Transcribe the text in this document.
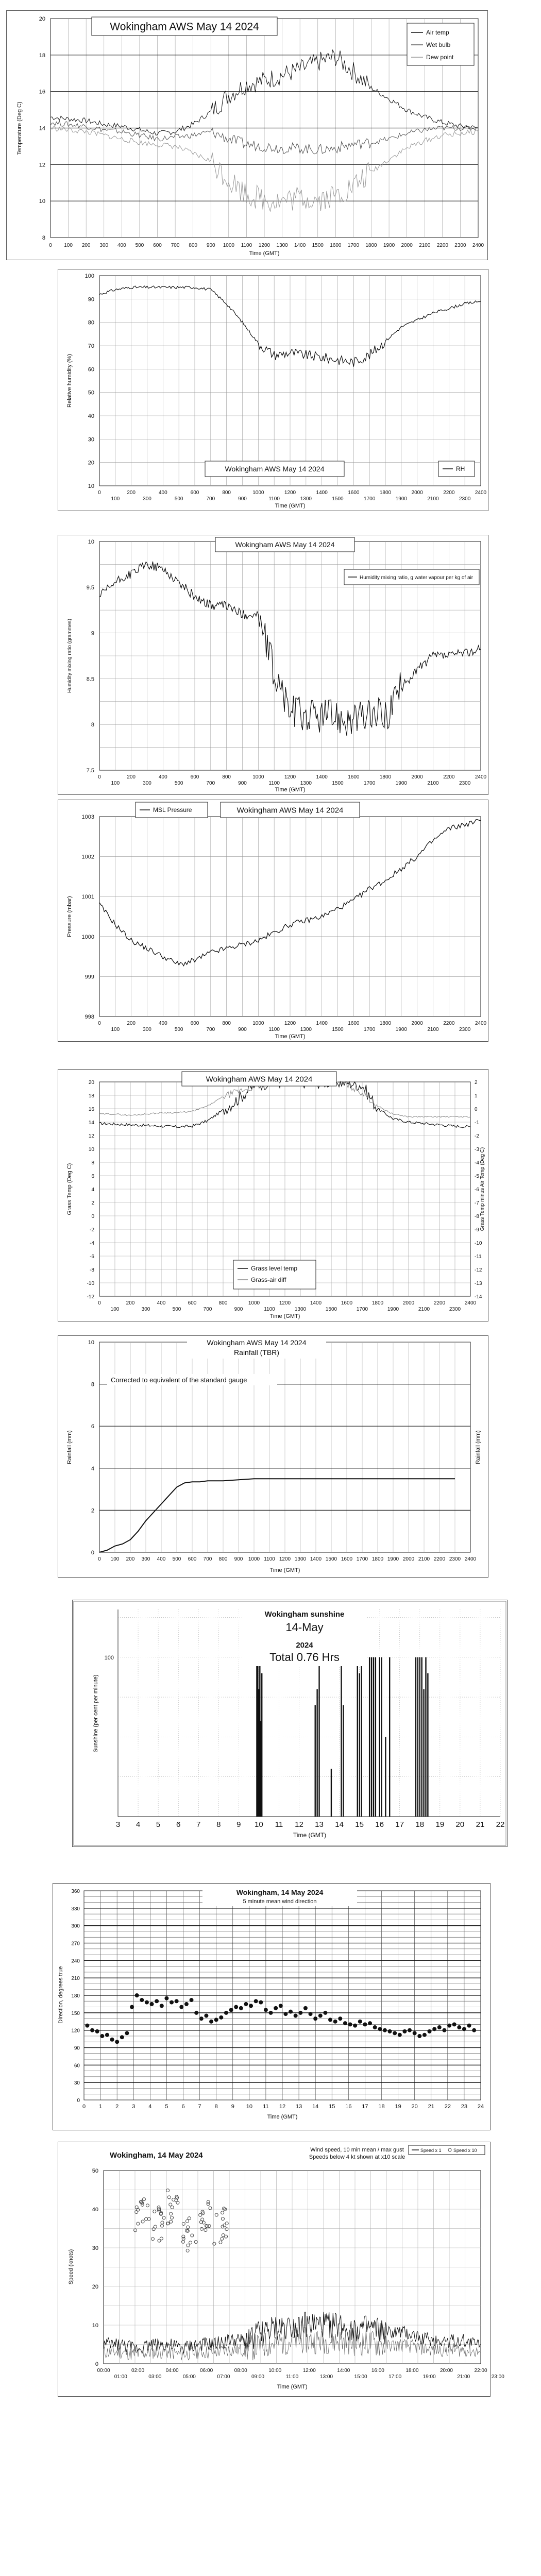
0 100 200 300 400 500 600 700 800 900 1000 1100 1200 1300 1400 1500 1600 1700 1800 1900 2000 2100 2200 2300 2400
8
10
12
14
16
18
20
Temperature (Deg C)
Time (GMT)
Wokingham AWS May 14 2024	Air temp
Wet bulb
Dew point
0	200	400	600	800	1000	1200	1400	1600	1800	2000	2200	2400
100	300	500	700	900	1100	1300	1500	1700	1900	2100	2300
10
20
30
40
50
60
70
80
90
100
Relative humidity (%)
Time (GMT)
Wokingham AWS May 14 2024	RH
0	200	400	600	800	1000	1200	1400	1600	1800	2000	2200	2400
100	300	500	700	900	1100	1300	1500	1700	1900	2100	2300
7.5
8
8.5
9
9.5
10
Humidity mixing ratio (grammes)
Time (GMT)
Wokingham AWS May 14 2024
Humidity mixing ratio, g water vapour per kg of air
0	200	400	600	800	1000	1200	1400	1600	1800	2000	2200	2400
100	300	500	700	900	1100	1300	1500	1700	1900	2100	2300
998
999
1000
1001
1002
1003
Pressure (mbar)
Time (GMT)
MSL Pressure	Wokingham AWS May 14 2024
0	200	400	600	800	1000	1200	1400	1600	1800	2000	2200	2400
100	300	500	700	900	1100	1300	1500	1700	1900	2100	2300
-12
-10
-8
-6
-4
-2
0
2
4
6
8
10
12
14
16
18
20
-14
-13
-12
-11
-10
-9
-8
-7
-6
-5
-4
-3
-2
-1
0
1
2
Grass Temp (Deg C)	Grass Temp minus Air Temp (Deg C)
Time (GMT)
Wokingham AWS May 14 2024
Grass level temp
Grass-air diff
0 100 200 300 400 500 600 700 800 900 1000 1100 1200 1300 1400 1500 1600 1700 1800 1900 2000 2100 2200 2300 2400
0
2
4
6
8
10
Rainfall (mm)	Rainfall (mm)
Time (GMT)
Wokingham AWS May 14 2024
Rainfall (TBR)
Corrected to equivalent of the standard gauge
3 4 5 6 7 8 9 10 11 12 13 14 15 16 17 18 19 20 21 22
100
Sunshine (per cent per minute)
Time (GMT)
Wokingham sunshine
14-May
2024
Total 0.76 Hrs
0 1 2 3 4 5 6 7 8 9 10 11 12 13 14 15 16 17 18 19 20 21 22 23 24
0
30
60
90
120
150
180
210
240
270
300
330
360
Direction, degrees true
Time (GMT)
Wokingham, 14 May 2024
5 minute mean wind direction
00:00	02:00	04:00	06:00	08:00	10:00	12:00	14:00	16:00	18:00	20:00	22:00
01:00	03:00	05:00	07:00	09:00	11:00	13:00	15:00	17:00	19:00	21:00	23:00
0
10
20
30
40
50
Speed (knots)
Time (GMT)
Wokingham, 14 May 2024
Wind speed, 10 min mean / max gust
Speeds below 4 kt shown at x10 scale
Speed x 1	Speed x 10
